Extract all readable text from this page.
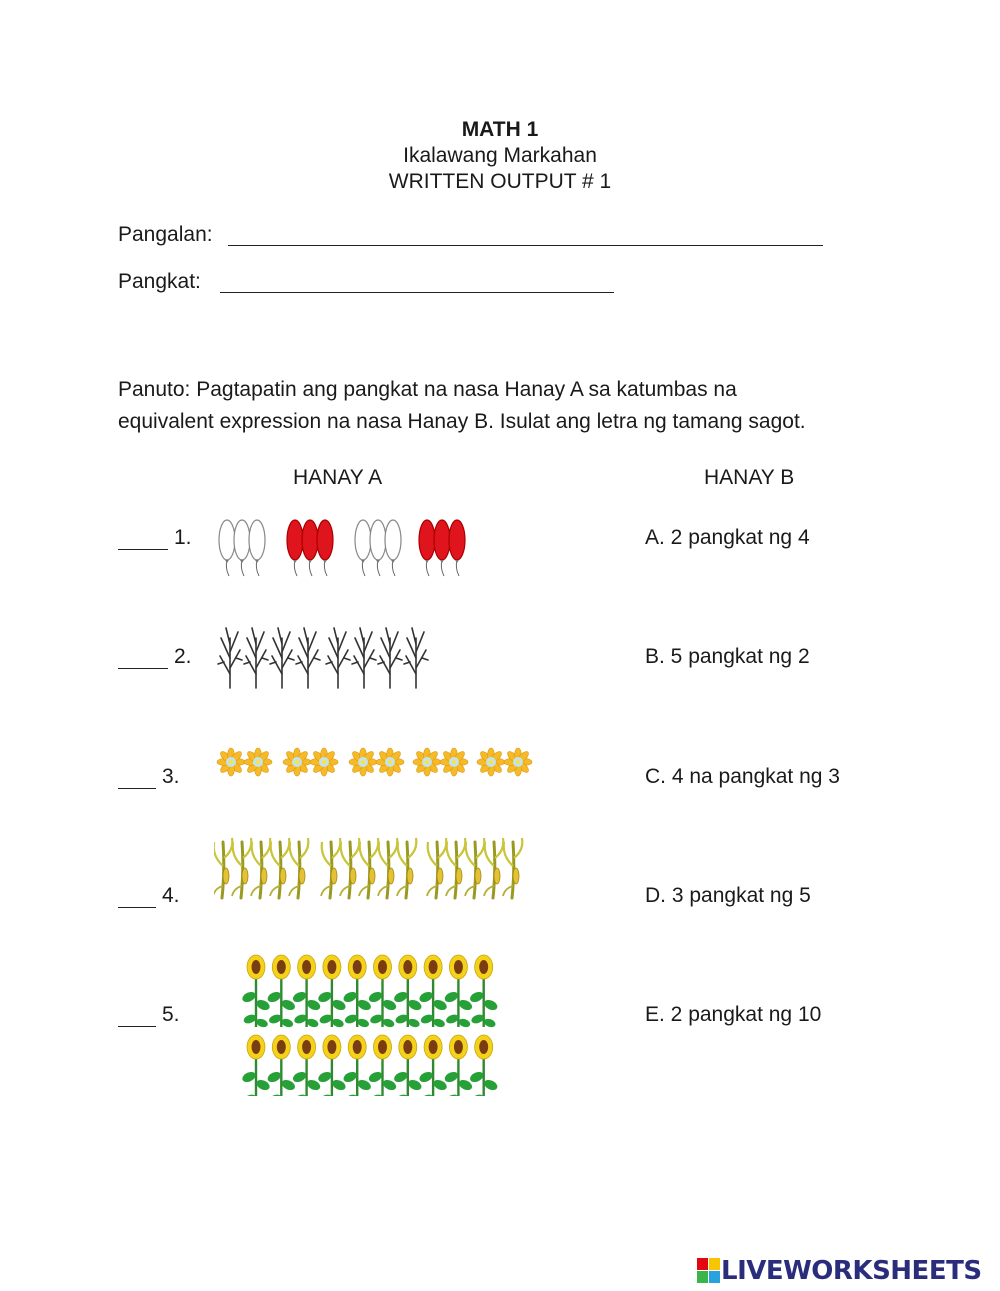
MATH 1
Ikalawang Markahan
WRITTEN OUTPUT # 1
Pangalan:
Pangkat:
Panuto: Pagtapatin ang pangkat na nasa Hanay A sa katumbas na
equivalent expression na nasa Hanay B. Isulat ang letra ng tamang sagot.
HANAY A	HANAY B
1.
2.
3.
4.
5.
A. 2 pangkat ng 4
B. 5 pangkat ng 2
C. 4 na pangkat ng 3
D. 3 pangkat ng 5
E. 2 pangkat ng 10
LIVEWORKSHEETS
